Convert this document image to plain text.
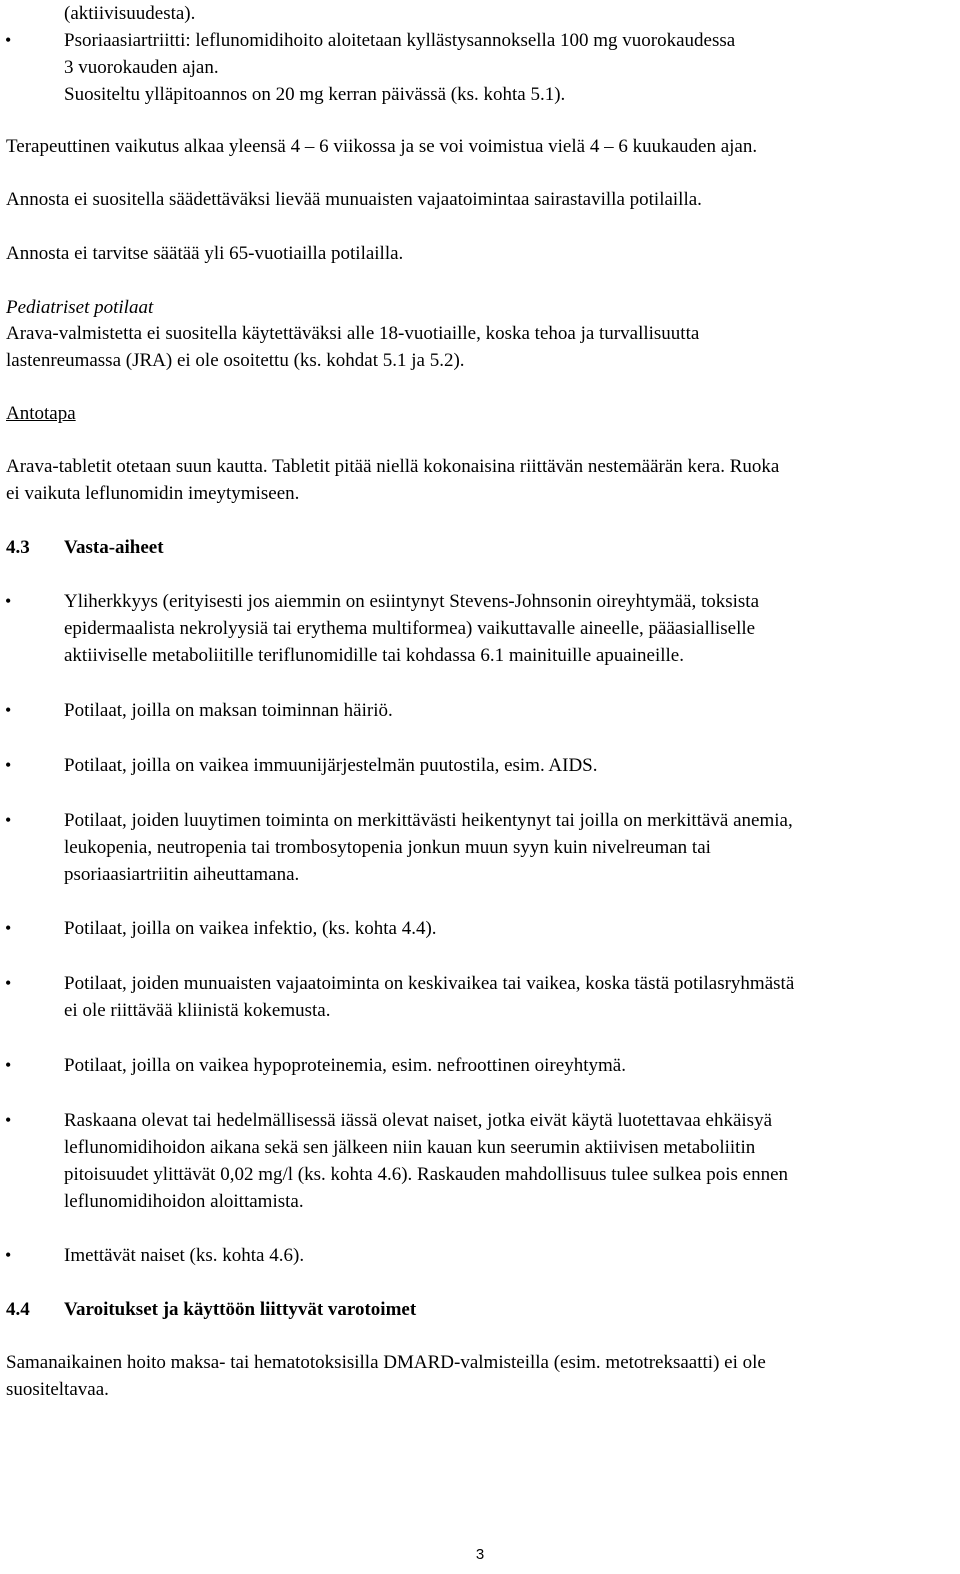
(aktiivisuudesta).
•	Psoriaasiartriitti: leflunomidihoito aloitetaan kyllästysannoksella 100 mg vuorokaudessa
3 vuorokauden ajan.
Suositeltu ylläpitoannos on 20 mg kerran päivässä (ks. kohta 5.1).
Terapeuttinen vaikutus alkaa yleensä 4 – 6 viikossa ja se voi voimistua vielä 4 – 6 kuukauden ajan.
Annosta ei suositella säädettäväksi lievää munuaisten vajaatoimintaa sairastavilla potilailla.
Annosta ei tarvitse säätää yli 65-vuotiailla potilailla.
Pediatriset potilaat
Arava-valmistetta ei suositella käytettäväksi alle 18-vuotiaille, koska tehoa ja turvallisuutta
lastenreumassa (JRA) ei ole osoitettu (ks. kohdat 5.1 ja 5.2).
Antotapa
Arava-tabletit otetaan suun kautta. Tabletit pitää niellä kokonaisina riittävän nestemäärän kera. Ruoka
ei vaikuta leflunomidin imeytymiseen.
4.3 Vasta-aiheet
•	Yliherkkyys (erityisesti jos aiemmin on esiintynyt Stevens-Johnsonin oireyhtymää, toksista
epidermaalista nekrolyysiä tai erythema multiformea) vaikuttavalle aineelle, pääasialliselle
aktiiviselle metaboliitille teriflunomidille tai kohdassa 6.1 mainituille apuaineille.
•	Potilaat, joilla on maksan toiminnan häiriö.
•	Potilaat, joilla on vaikea immuunijärjestelmän puutostila, esim. AIDS.
•	Potilaat, joiden luuytimen toiminta on merkittävästi heikentynyt tai joilla on merkittävä anemia,
leukopenia, neutropenia tai trombosytopenia jonkun muun syyn kuin nivelreuman tai
psoriaasiartriitin aiheuttamana.
•	Potilaat, joilla on vaikea infektio, (ks. kohta 4.4).
•	Potilaat, joiden munuaisten vajaatoiminta on keskivaikea tai vaikea, koska tästä potilasryhmästä
ei ole riittävää kliinistä kokemusta.
•	Potilaat, joilla on vaikea hypoproteinemia, esim. nefroottinen oireyhtymä.
•	Raskaana olevat tai hedelmällisessä iässä olevat naiset, jotka eivät käytä luotettavaa ehkäisyä
leflunomidihoidon aikana sekä sen jälkeen niin kauan kun seerumin aktiivisen metaboliitin
pitoisuudet ylittävät 0,02 mg/l (ks. kohta 4.6). Raskauden mahdollisuus tulee sulkea pois ennen
leflunomidihoidon aloittamista.
•	Imettävät naiset (ks. kohta 4.6).
4.4 Varoitukset ja käyttöön liittyvät varotoimet
Samanaikainen hoito maksa- tai hematotoksisilla DMARD-valmisteilla (esim. metotreksaatti) ei ole
suositeltavaa.
3
